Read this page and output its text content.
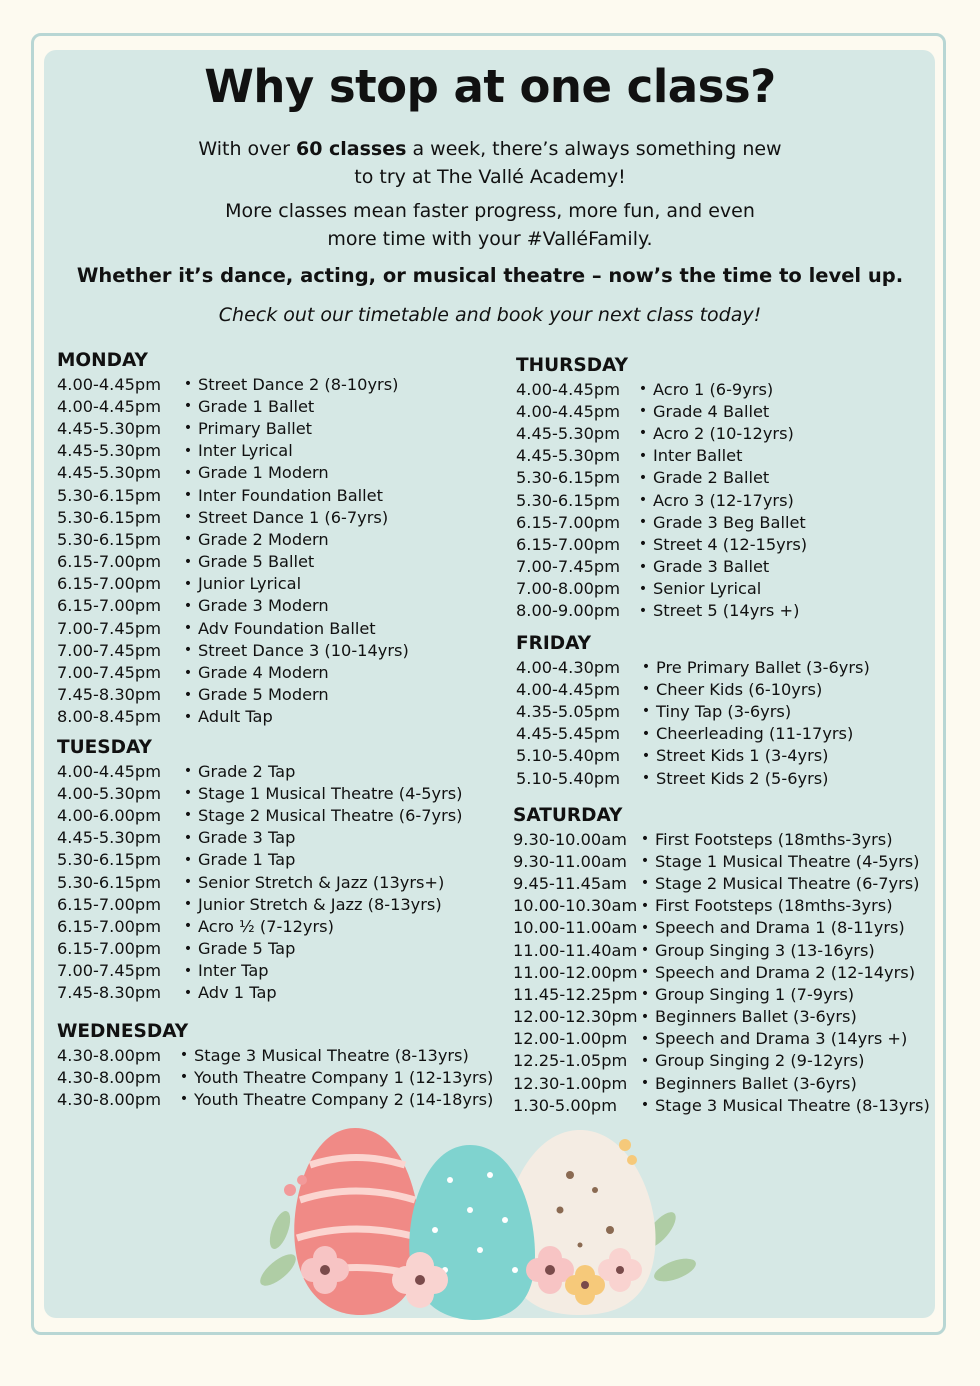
Why stop at one class?

With over 60 classes a week, there’s always something new
to try at The Vallé Academy!

More classes mean faster progress, more fun, and even
more time with your #ValléFamily.

Whether it’s dance, acting, or musical theatre – now’s the time to level up.

Check out our timetable and book your next class today!

MONDAY
4.00-4.45pm	• Street Dance 2 (8-10yrs)
4.00-4.45pm	• Grade 1 Ballet
4.45-5.30pm	• Primary Ballet
4.45-5.30pm	• Inter Lyrical
4.45-5.30pm	• Grade 1 Modern
5.30-6.15pm	• Inter Foundation Ballet
5.30-6.15pm	• Street Dance 1 (6-7yrs)
5.30-6.15pm	• Grade 2 Modern
6.15-7.00pm	• Grade 5 Ballet
6.15-7.00pm	• Junior Lyrical
6.15-7.00pm	• Grade 3 Modern
7.00-7.45pm	• Adv Foundation Ballet
7.00-7.45pm	• Street Dance 3 (10-14yrs)
7.00-7.45pm	• Grade 4 Modern
7.45-8.30pm	• Grade 5 Modern
8.00-8.45pm	• Adult Tap
TUESDAY
4.00-4.45pm	• Grade 2 Tap
4.00-5.30pm	• Stage 1 Musical Theatre (4-5yrs)
4.00-6.00pm	• Stage 2 Musical Theatre (6-7yrs)
4.45-5.30pm	• Grade 3 Tap
5.30-6.15pm	• Grade 1 Tap
5.30-6.15pm	• Senior Stretch & Jazz (13yrs+)
6.15-7.00pm	• Junior Stretch & Jazz (8-13yrs)
6.15-7.00pm	• Acro ½ (7-12yrs)
6.15-7.00pm	• Grade 5 Tap
7.00-7.45pm	• Inter Tap
7.45-8.30pm	• Adv 1 Tap
WEDNESDAY
4.30-8.00pm	• Stage 3 Musical Theatre (8-13yrs)
4.30-8.00pm	• Youth Theatre Company 1 (12-13yrs)
4.30-8.00pm	• Youth Theatre Company 2 (14-18yrs)
THURSDAY
4.00-4.45pm	• Acro 1 (6-9yrs)
4.00-4.45pm	• Grade 4 Ballet
4.45-5.30pm	• Acro 2 (10-12yrs)
4.45-5.30pm	• Inter Ballet
5.30-6.15pm	• Grade 2 Ballet
5.30-6.15pm	• Acro 3 (12-17yrs)
6.15-7.00pm	• Grade 3 Beg Ballet
6.15-7.00pm	• Street 4 (12-15yrs)
7.00-7.45pm	• Grade 3 Ballet
7.00-8.00pm	• Senior Lyrical
8.00-9.00pm	• Street 5 (14yrs +)
FRIDAY
4.00-4.30pm	• Pre Primary Ballet (3-6yrs)
4.00-4.45pm	• Cheer Kids (6-10yrs)
4.35-5.05pm	• Tiny Tap (3-6yrs)
4.45-5.45pm	• Cheerleading (11-17yrs)
5.10-5.40pm	• Street Kids 1 (3-4yrs)
5.10-5.40pm	• Street Kids 2 (5-6yrs)
SATURDAY
9.30-10.00am • First Footsteps (18mths-3yrs)
9.30-11.00am • Stage 1 Musical Theatre (4-5yrs)
9.45-11.45am • Stage 2 Musical Theatre (6-7yrs)
10.00-10.30am • First Footsteps (18mths-3yrs)
10.00-11.00am • Speech and Drama 1 (8-11yrs)
11.00-11.40am • Group Singing 3 (13-16yrs)
11.00-12.00pm • Speech and Drama 2 (12-14yrs)
11.45-12.25pm • Group Singing 1 (7-9yrs)
12.00-12.30pm • Beginners Ballet (3-6yrs)
12.00-1.00pm • Speech and Drama 3 (14yrs +)
12.25-1.05pm • Group Singing 2 (9-12yrs)
12.30-1.00pm • Beginners Ballet (3-6yrs)
1.30-5.00pm	• Stage 3 Musical Theatre (8-13yrs)
